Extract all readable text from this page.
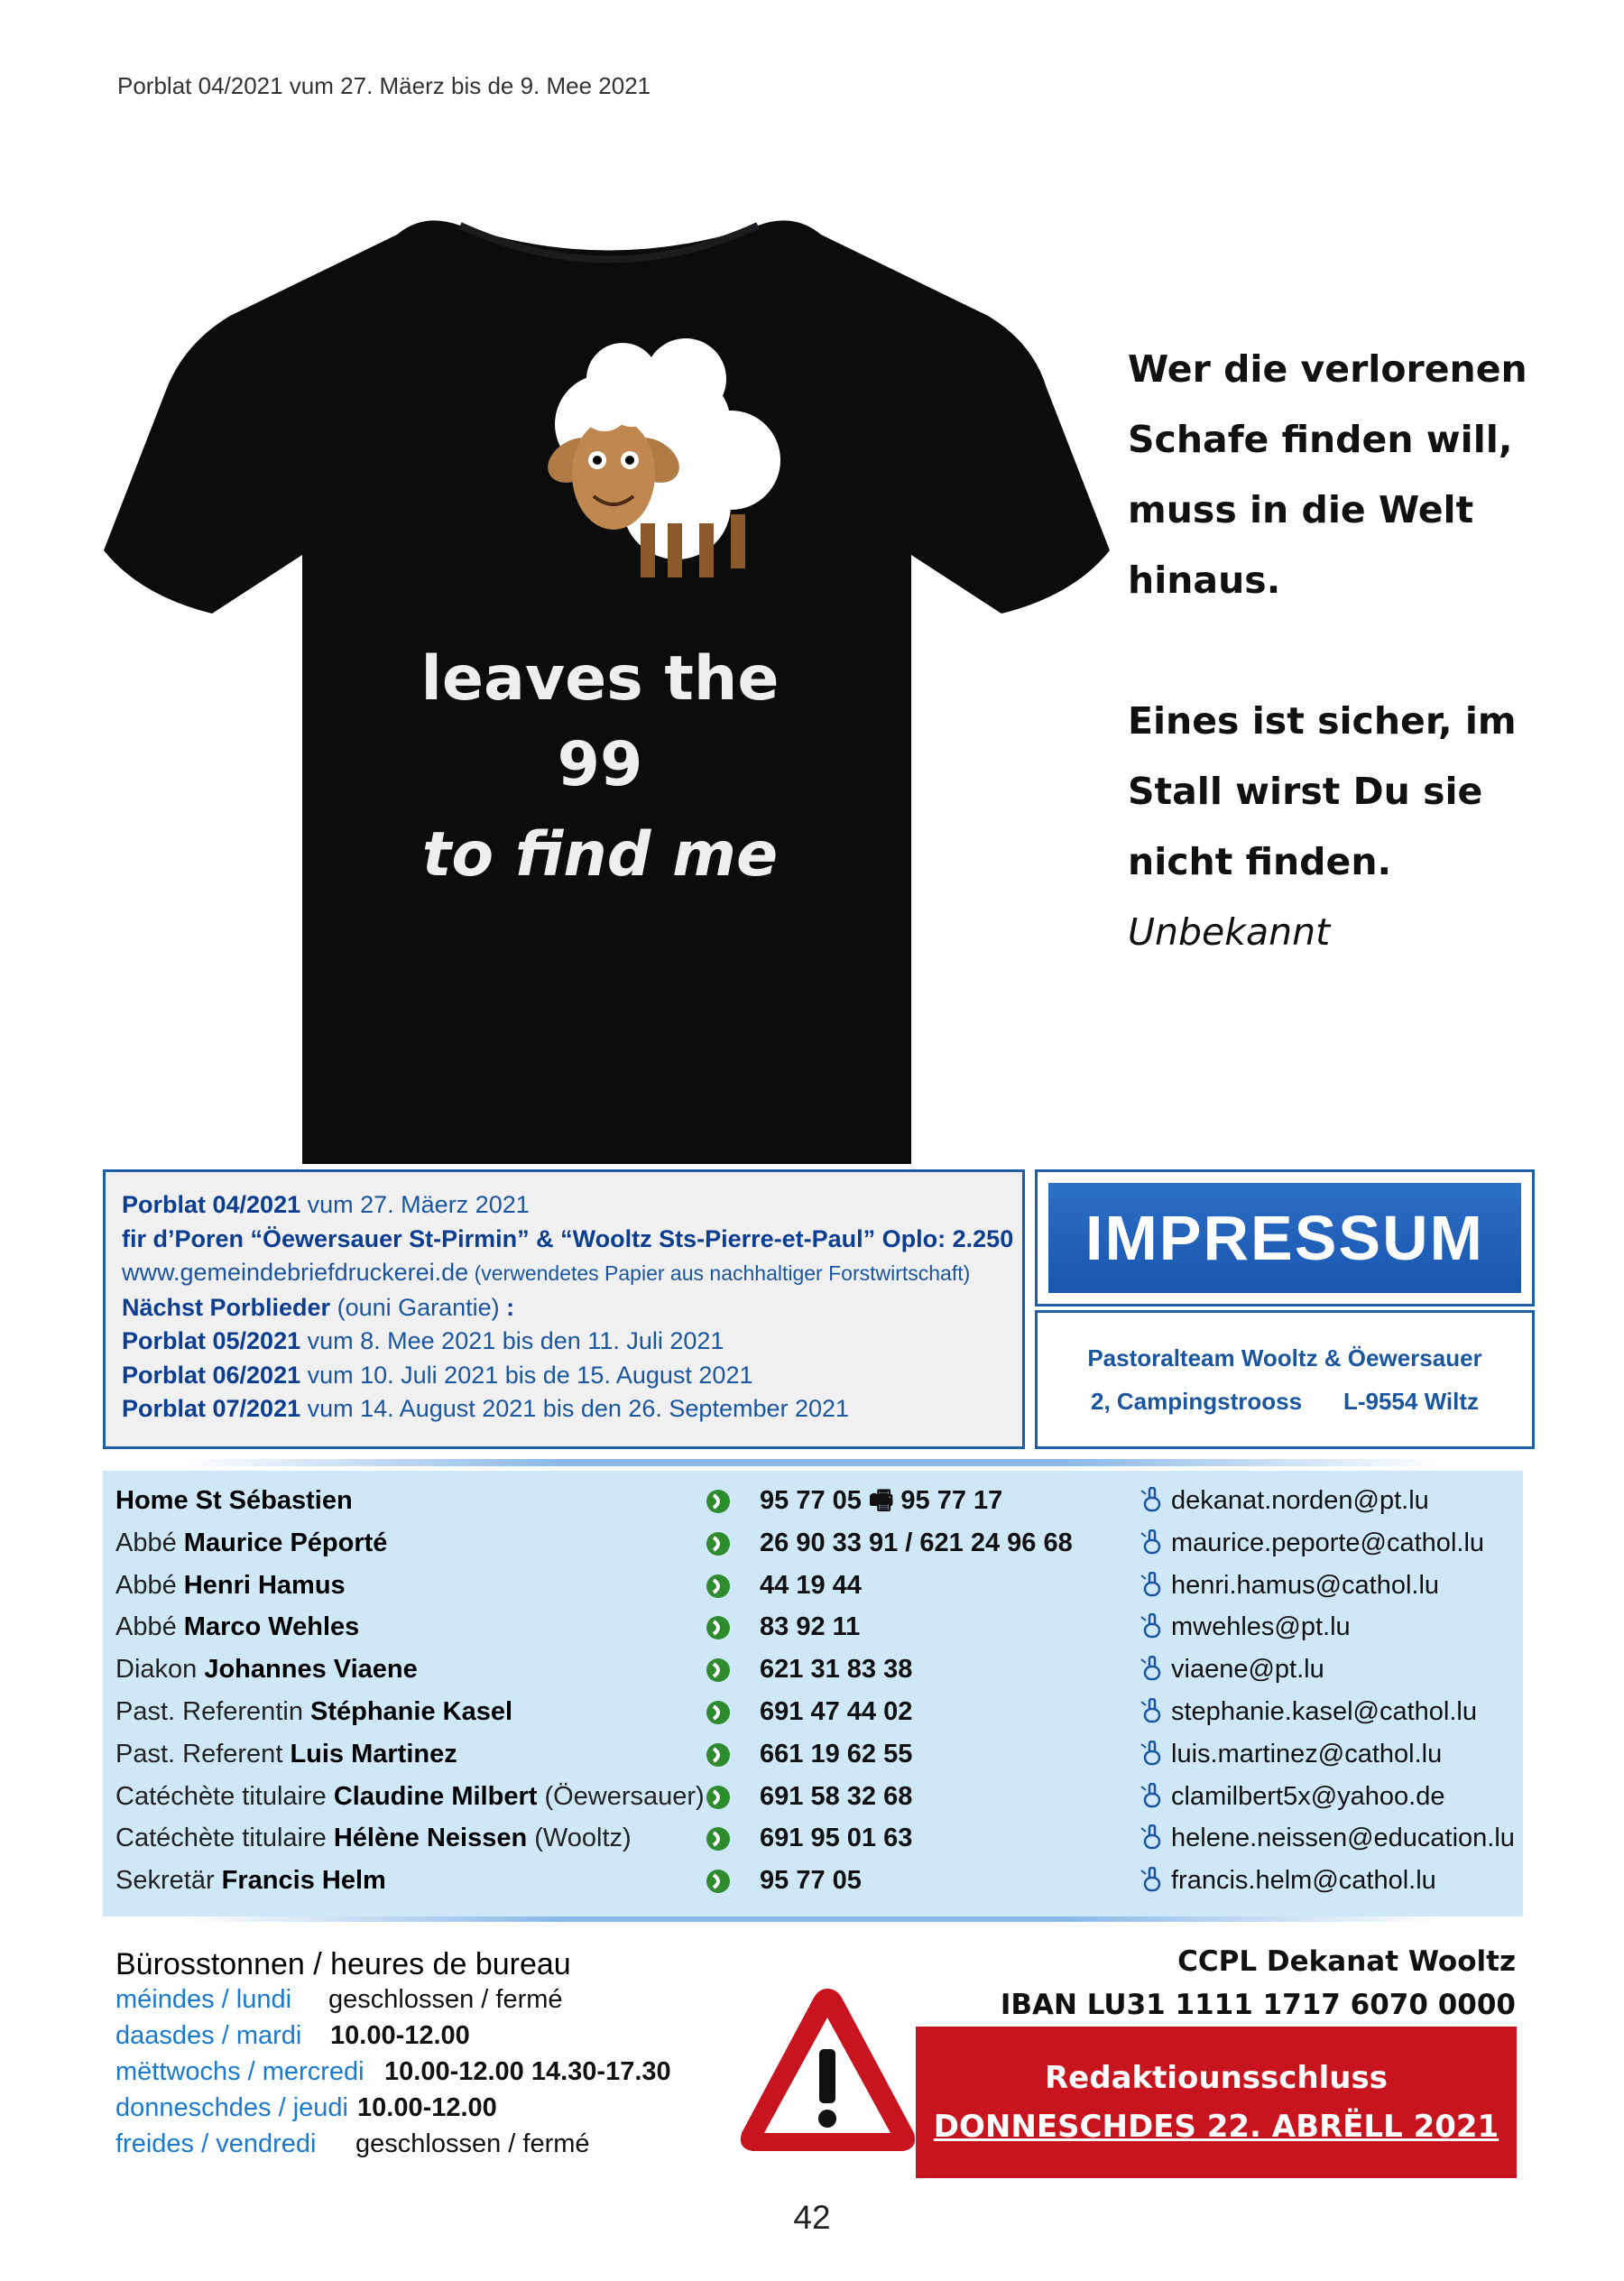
Porblat 04/2021 vum 27. Mäerz bis de 9. Mee 2021
leaves the
99
to find me

Wer die verlorenen

Schafe finden will,

muss in die Welt

hinaus.

Eines ist sicher, im

Stall wirst Du sie

nicht finden.

Unbekannt

Porblat 04/2021 vum 27. Mäerz 2021
fir d’Poren “Öewersauer St-Pirmin” & “Wooltz Sts-Pierre-et-Paul” Oplo: 2.250
www.gemeindebriefdruckerei.de (verwendetes Papier aus nachhaltiger Forstwirtschaft)
Nächst Porblieder (ouni Garantie) :
Porblat 05/2021 vum 8. Mee 2021 bis den 11. Juli 2021
Porblat 06/2021 vum 10. Juli 2021 bis de 15. August 2021
Porblat 07/2021 vum 14. August 2021 bis den 26. September 2021
IMPRESSUM
Pastoralteam Wooltz & Öewersauer
2, Campingstrooss L-9554 Wiltz
Home St Sébastien	95 77 05 🖷 95 77 17	dekanat.norden@pt.lu
Abbé Maurice Péporté	26 90 33 91 / 621 24 96 68	maurice.peporte@cathol.lu
Abbé Henri Hamus	44 19 44	henri.hamus@cathol.lu
Abbé Marco Wehles	83 92 11	mwehles@pt.lu
Diakon Johannes Viaene	621 31 83 38	viaene@pt.lu
Past. Referentin Stéphanie Kasel	691 47 44 02	stephanie.kasel@cathol.lu
Past. Referent Luis Martinez	661 19 62 55	luis.martinez@cathol.lu
Catéchète titulaire Claudine Milbert (Öewersauer) 691 58 32 68	clamilbert5x@yahoo.de
Catéchète titulaire Hélène Neissen (Wooltz)	691 95 01 63	helene.neissen@education.lu
Sekretär Francis Helm	95 77 05	francis.helm@cathol.lu
Bürosstonnen / heures de bureau
méindes / lundi geschlossen / fermé
daasdes / mardi 10.00-12.00
mëttwochs / mercredi 10.00-12.00 14.30-17.30
donneschdes / jeudi 10.00-12.00
freides / vendredi geschlossen / fermé
CCPL Dekanat Wooltz
IBAN LU31 1111 1717 6070 0000
Redaktiounsschluss
DONNESCHDES 22. ABRËLL 2021
42
